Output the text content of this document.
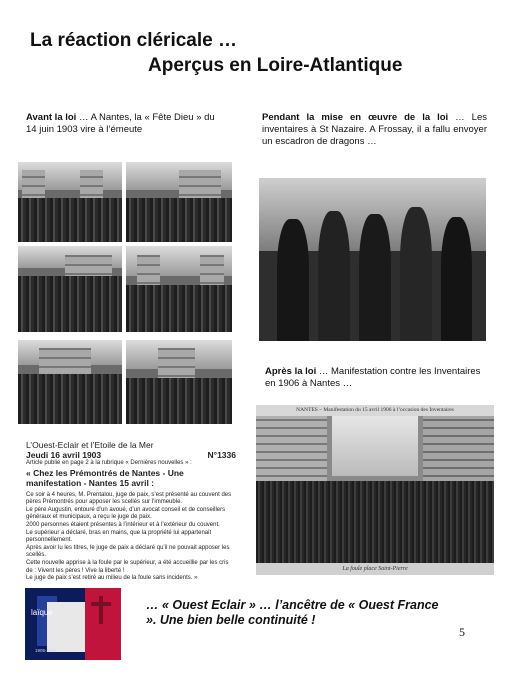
La réaction cléricale …
Aperçus en Loire-Atlantique
Avant la loi … A Nantes, la « Fête Dieu » du 14 juin 1903 vire à l’émeute
Pendant la mise en œuvre de la loi … Les inventaires à St Nazaire. A Frossay, il a fallu envoyer un escadron de dragons …
Après la loi … Manifestation contre les Inventaires en 1906 à Nantes …
NANTES – Manifestation du 15 avril 1906 à l’occasion des Inventaires
La foule place Saint-Pierre
L’Ouest-Eclair et l’Etoile de la Mer
Jeudi 16 avril 1903	N°1336
Article publié en page 2 à la rubrique « Dernières nouvelles » :
« Chez les Prémontrés de Nantes - Une manifestation - Nantes 15 avril :

Ce soir à 4 heures, M. Prentalou, juge de paix, s’est présenté au couvent des pères Prémontrés pour apposer les scellés sur l’immeuble.

Le père Augustin, entouré d’un avoué, d’un avocat conseil et de conseillers généraux et municipaux, a reçu le juge de paix.

2000 personnes étaient présentes à l’intérieur et à l’extérieur du couvent.

Le supérieur a déclaré, bras en mains, que la propriété lui appartenait personnellement.

Après avoir lu les titres, le juge de paix a déclaré qu’il ne pouvait apposer les scellés.

Cette nouvelle apprise à la foule par le supérieur, a été accueillie par les cris de : Vivent les pères ! Vive la liberté !

Le juge de paix s’est retiré au milieu de la foule sans incidents. »

laïque
1905-2005
… « Ouest Eclair » … l’ancêtre de « Ouest France ». Une bien belle continuité !
5
